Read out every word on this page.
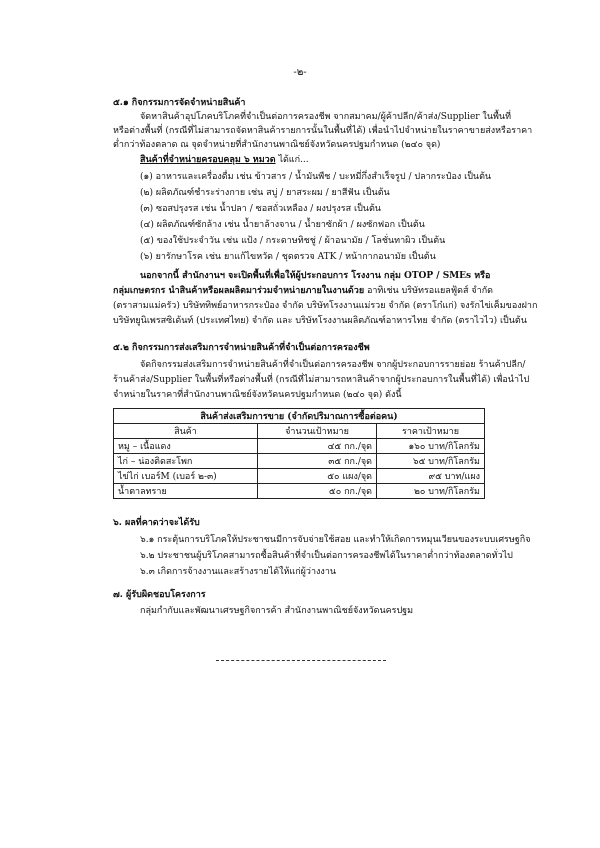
-๒-
๕.๑ กิจกรรมการจัดจำหน่ายสินค้า
จัดหาสินค้าอุปโภคบริโภคที่จำเป็นต่อการครองชีพ จากสมาคม/ผู้ค้าปลีก/ค้าส่ง/Supplier ในพื้นที่
หรือต่างพื้นที่ (กรณีที่ไม่สามารถจัดหาสินค้ารายการนั้นในพื้นที่ได้) เพื่อนำไปจำหน่ายในราคาขายส่งหรือราคา
ต่ำกว่าท้องตลาด ณ จุดจำหน่ายที่สำนักงานพาณิชย์จังหวัดนครปฐมกำหนด (๒๔๐ จุด)
สินค้าที่จำหน่ายครอบคลุม ๖ หมวด ได้แก่...
(๑) อาหารและเครื่องดื่ม เช่น ข้าวสาร / น้ำมันพืช / บะหมี่กึ่งสำเร็จรูป / ปลากระป๋อง เป็นต้น
(๒) ผลิตภัณฑ์ชำระร่างกาย เช่น สบู่ / ยาสระผม / ยาสีฟัน เป็นต้น
(๓) ซอสปรุงรส เช่น น้ำปลา / ซอสถั่วเหลือง / ผงปรุงรส เป็นต้น
(๔) ผลิตภัณฑ์ซักล้าง เช่น น้ำยาล้างจาน / น้ำยาซักผ้า / ผงซักฟอก เป็นต้น
(๕) ของใช้ประจำวัน เช่น แป้ง / กระดาษทิชชู่ / ผ้าอนามัย / โลชั่นทาผิว เป็นต้น
(๖) ยารักษาโรค เช่น ยาแก้ไขหวัด / ชุดตรวจ ATK / หน้ากากอนามัย เป็นต้น
นอกจากนี้ สำนักงานฯ จะเปิดพื้นที่เพื่อให้ผู้ประกอบการ โรงงาน กลุ่ม OTOP / SMEs หรือ
กลุ่มเกษตรกร นำสินค้าหรือผลผลิตมาร่วมจำหน่ายภายในงานด้วย อาทิเช่น บริษัทรอแยลฟู้ดส์ จำกัด
(ตราสามแม่ครัว) บริษัททิพย์อาหารกระป๋อง จำกัด บริษัทโรงงานแม่รวย จำกัด (ตราโก๋แก่) จงรักไข่เค็มของฝาก
บริษัทยูนิเพรสซิเด้นท์ (ประเทศไทย) จำกัด และ บริษัทโรงงานผลิตภัณฑ์อาหารไทย จำกัด (ตราไวไว) เป็นต้น
๕.๒ กิจกรรมการส่งเสริมการจำหน่ายสินค้าที่จำเป็นต่อการครองชีพ
จัดกิจกรรมส่งเสริมการจำหน่ายสินค้าที่จำเป็นต่อการครองชีพ จากผู้ประกอบการรายย่อย ร้านค้าปลีก/
ร้านค้าส่ง/Supplier ในพื้นที่หรือต่างพื้นที่ (กรณีที่ไม่สามารถหาสินค้าจากผู้ประกอบการในพื้นที่ได้) เพื่อนำไป
จำหน่ายในราคาที่สำนักงานพาณิชย์จังหวัดนครปฐมกำหนด (๒๔๐ จุด) ดังนี้
สินค้าส่งเสริมการขาย (จำกัดปริมาณการซื้อต่อคน)		
สินค้า	จำนวนเป้าหมาย	ราคาเป้าหมาย
หมู – เนื้อแดง	๔๕ กก./จุด	๑๖๐ บาท/กิโลกรัม
ไก่ – น่องติดสะโพก	๓๕ กก./จุด	๖๕ บาท/กิโลกรัม
ไข่ไก่ เบอร์M (เบอร์ ๒-๓)	๕๐ แผง/จุด	๙๕ บาท/แผง
น้ำตาลทราย	๕๐ กก./จุด	๒๐ บาท/กิโลกรัม
๖. ผลที่คาดว่าจะได้รับ
๖.๑ กระตุ้นการบริโภคให้ประชาชนมีการจับจ่ายใช้สอย และทำให้เกิดการหมุนเวียนของระบบเศรษฐกิจ
๖.๒ ประชาชนผู้บริโภคสามารถซื้อสินค้าที่จำเป็นต่อการครองชีพได้ในราคาต่ำกว่าท้องตลาดทั่วไป
๖.๓ เกิดการจ้างงานและสร้างรายได้ให้แก่ผู้ว่างงาน
๗. ผู้รับผิดชอบโครงการ
กลุ่มกำกับและพัฒนาเศรษฐกิจการค้า สำนักงานพาณิชย์จังหวัดนครปฐม
